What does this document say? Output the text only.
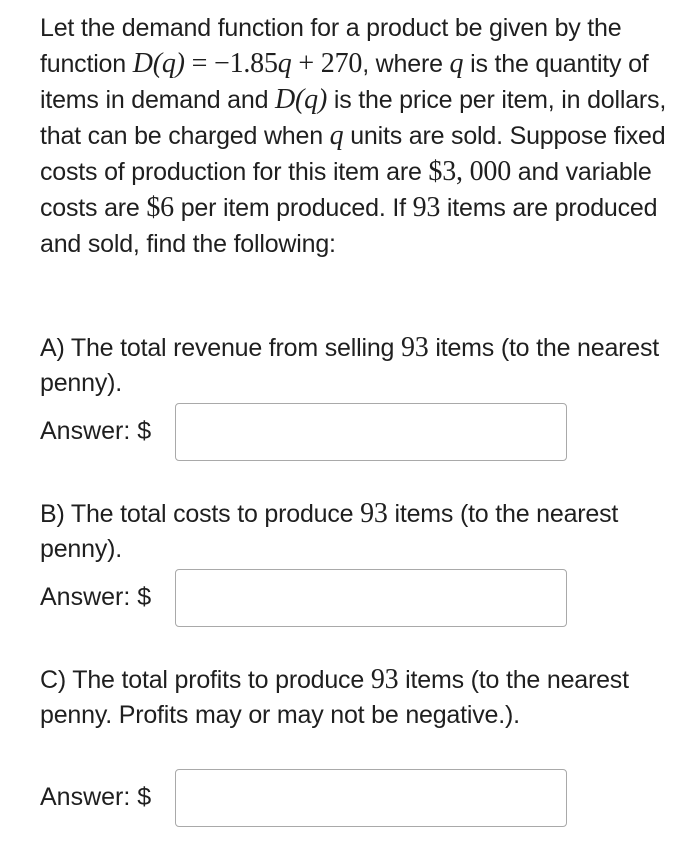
Let the demand function for a product be given by the function D(q) = −1.85q + 270, where q is the quantity of items in demand and D(q) is the price per item, in dollars, that can be charged when q units are sold. Suppose fixed costs of production for this item are $3, 000 and variable costs are $6 per item produced. If 93 items are produced and sold, find the following:
A) The total revenue from selling 93 items (to the nearest penny).
Answer: $
B) The total costs to produce 93 items (to the nearest penny).
Answer: $
C) The total profits to produce 93 items (to the nearest penny. Profits may or may not be negative.).
Answer: $
